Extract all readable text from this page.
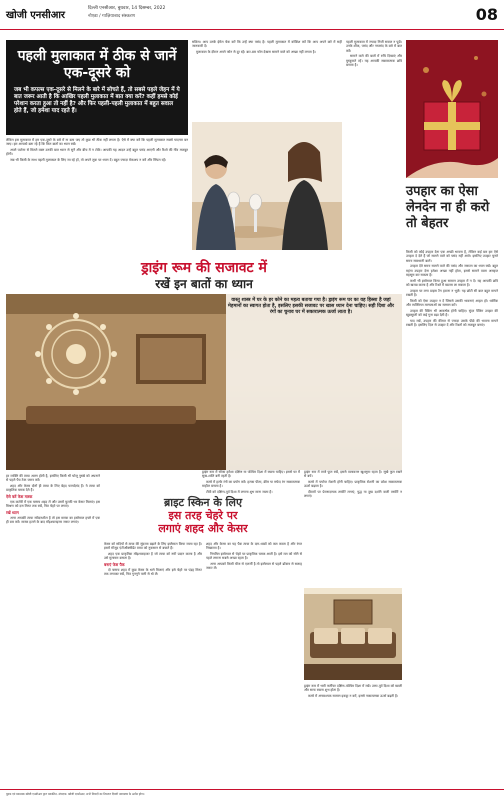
खोजी एनसीआर
दिल्ली एनसीआर, बुधवार, 14 दिसम्बर, 2022
नोएडा / गाज़ियाबाद संस्करण	08
पहली मुलाकात में ठीक से जानें एक-दूसरे को
जब भी कपल्स एक-दूसरे से मिलने के बारे में सोचते हैं, तो सबसे पहले जेहन में ये बात जरूर आती है कि आखिर पहली मुलाकात में बात क्या करें? कहीं हमसे कोई परेशान करता हुआ तो नहीं है? और फिर पहली-पहली मुलाकात में बहुत सवाल होते हैं, जो हमेशा याद रहते हैं।

लेकिन इस मुलाकात में हम एक-दूसरे के बारे में ना बता पाए तो कुछ भी ठीक नहीं लगता है। ऐसे में क्या करें कि पहली मुलाकात सबसे यादगार बन जाए। हम आपको बता रहे हैं कि किन बातों का ध्यान रखें।

अपने पार्टनर से मिलते वक्त उनकी बात ध्यान से सुनें और बीच में न टोकें। आपकी यह आदत उन्हें बहुत पसंद आएगी और रिश्ते की नींव मजबूत होगी।

जब भी किसी के साथ पहली मुलाकात के लिए जा रहे हों, तो अपने लुक पर ध्यान दें। बहुत ज्यादा मेकअप न करें और सिंपल रहें।

सक्रिय। आप उनके ईमेल चेक करें कि उन्हें क्या पसंद है। पहली मुलाकात में कोशिश करें कि आप अपने बारे में सही जानकारी दें।

मुलाकात के दौरान अपने फोन से दूर रहें। बार-बार फोन देखना सामने वाले को अच्छा नहीं लगता है।

पहली मुलाकात में ज्यादा निजी सवाल न पूछें। उनके शौक, पसंद और नापसंद के बारे में बात करें।

सामने वाले की बातों में रुचि दिखाएं और मुस्कुराते रहें। यह आपकी सकारात्मक छवि बनाता है।

उपहार का ऐसा लेनदेन ना ही करो तो बेहतर

किसी को कोई उपहार देना एक अच्छी भावना है, लेकिन कई बार हम ऐसे उपहार दे देते हैं जो सामने वाले को पसंद नहीं आते। इसलिए उपहार चुनते समय सावधानी बरतें।

उपहार देते समय सामने वाले की पसंद और जरूरत का ध्यान रखें। बहुत महंगा उपहार देना हमेशा अच्छा नहीं होता, इससे सामने वाला असहज महसूस कर सकता है।

कभी भी इस्तेमाल किया हुआ सामान उपहार में न दें। यह आपकी छवि को खराब करता है और रिश्ते में खटास ला सकता है।

उपहार पर लगा प्राइस टैग हटाना न भूलें। यह छोटी सी बात बहुत मायने रखती है।

किसी को ऐसा उपहार न दें जिससे उसकी भावनाएं आहत हों। धार्मिक और व्यक्तिगत मान्यताओं का सम्मान करें।

उपहार की पैकिंग भी आकर्षक होनी चाहिए। सुंदर पैकिंग उपहार की खूबसूरती को कई गुना बढ़ा देती है।

याद रखें, उपहार की कीमत से ज्यादा उसके पीछे की भावना मायने रखती है। इसलिए दिल से उपहार दें और रिश्तों को मजबूत बनाएं।

ड्राइंग रूम की सजावट में
रखें इन बातों का ध्यान
वास्तु शास्त्र में घर के हर कोने का महत्व बताया गया है। ड्राइंग रूम घर का वह हिस्सा है जहां मेहमानों का स्वागत होता है, इसलिए इसकी सजावट पर खास ध्यान देना चाहिए। सही दिशा और रंगों का चुनाव घर में सकारात्मक ऊर्जा लाता है।

ड्राइंग रूम में सोफा हमेशा दक्षिण या पश्चिम दिशा में रखना चाहिए। इससे घर में सुख-शांति बनी रहती है।

कमरे में हल्के रंगों का प्रयोग करें। हल्का पीला, क्रीम या सफेद रंग सकारात्मक माहौल बनाता है।

टीवी को दक्षिण-पूर्व दिशा में लगाना शुभ माना जाता है।

ड्राइंग रूम में ताजे फूल रखें, इससे वातावरण खुशनुमा रहता है। सूखे फूल रखने से बचें।

कमरे में पर्याप्त रोशनी होनी चाहिए। प्राकृतिक रोशनी का प्रवेश सकारात्मक ऊर्जा बढ़ाता है।

दीवारों पर प्रेरणादायक तस्वीरें लगाएं, युद्ध या दुख दर्शाने वाली तस्वीरें न लगाएं।

हर व्यक्ति की त्वचा अलग होती है, इसलिए किसी भी घरेलू नुस्खे को अपनाने से पहले पैच टेस्ट जरूर करें।

शहद और केसर दोनों ही त्वचा के लिए बेहद फायदेमंद हैं। ये त्वचा को प्राकृतिक चमक देते हैं।

ऐसे करें फेस मास्क

एक कटोरी में एक चम्मच शहद लें और उसमें चुटकी भर केसर मिलाएं। इस मिश्रण को दस मिनट तक रखें, फिर चेहरे पर लगाएं।

रखें ध्यान

अगर आपकी त्वचा संवेदनशील है तो इस मास्क का इस्तेमाल हफ्ते में एक ही बार करें। मास्क हटाने के बाद मॉइश्चराइजर जरूर लगाएं।

ब्राइट स्किन के लिए
इस तरह चेहरे पर
लगाएं शहद और केसर

केसर को सदियों से त्वचा की सुंदरता बढ़ाने के लिए इस्तेमाल किया जाता रहा है। इसमें मौजूद एंटीऑक्सीडेंट त्वचा को नुकसान से बचाते हैं।

शहद एक प्राकृतिक मॉइश्चराइजर है जो त्वचा को नमी प्रदान करता है और उसे मुलायम बनाता है।

बनाएं फेस पैक

दो चम्मच शहद में कुछ केसर के धागे मिलाएं और इसे चेहरे पर पंद्रह मिनट तक लगाकर रखें, फिर गुनगुने पानी से धो लें।

शहद और केसर का यह पैक त्वचा के दाग-धब्बों को कम करता है और रंगत निखारता है।

नियमित इस्तेमाल से चेहरे पर प्राकृतिक चमक आती है। इसे रात को सोने से पहले लगाना सबसे अच्छा रहता है।

अगर आपको किसी चीज से एलर्जी है तो इस्तेमाल से पहले डॉक्टर से सलाह जरूर लें।

ड्राइंग रूम में भारी फर्नीचर दक्षिण-पश्चिम दिशा में रखें। उत्तर-पूर्व दिशा को खाली और साफ रखना शुभ होता है।

कमरे में अनावश्यक सामान इकट्ठा न करें, इससे नकारात्मक ऊर्जा बढ़ती है।

मुद्रक एवं प्रकाशक खोजी एनसीआर द्वारा प्रकाशित, संपादक: खोजी एनसीआर, सभी विवादों का निपटारा दिल्ली न्यायालय के अधीन होगा।
